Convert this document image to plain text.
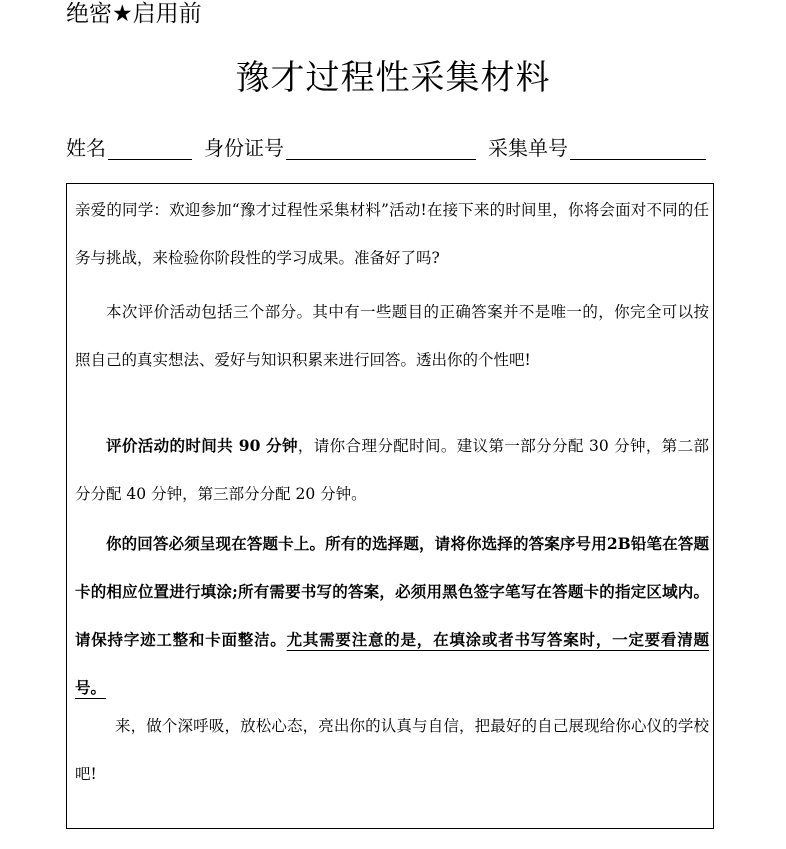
绝密★启用前
豫才过程性采集材料
姓名	身份证号	采集单号

亲爱的同学：欢迎参加“豫才过程性采集材料”活动!在接下来的时间里，你将会面对不同的任务与挑战，来检验你阶段性的学习成果。准备好了吗?

本次评价活动包括三个部分。其中有一些题目的正确答案并不是唯一的，你完全可以按照自己的真实想法、爱好与知识积累来进行回答。透出你的个性吧!

评价活动的时间共 90 分钟，请你合理分配时间。建议第一部分分配 30 分钟，第二部分分配 40 分钟，第三部分分配 20 分钟。

你的回答必须呈现在答题卡上。所有的选择题，请将你选择的答案序号用2B铅笔在答题卡的相应位置进行填涂;所有需要书写的答案，必须用黑色签字笔写在答题卡的指定区域内。请保持字迹工整和卡面整洁。尤其需要注意的是，在填涂或者书写答案时，一定要看清题号。

来，做个深呼吸，放松心态，亮出你的认真与自信，把最好的自己展现给你心仪的学校吧!
